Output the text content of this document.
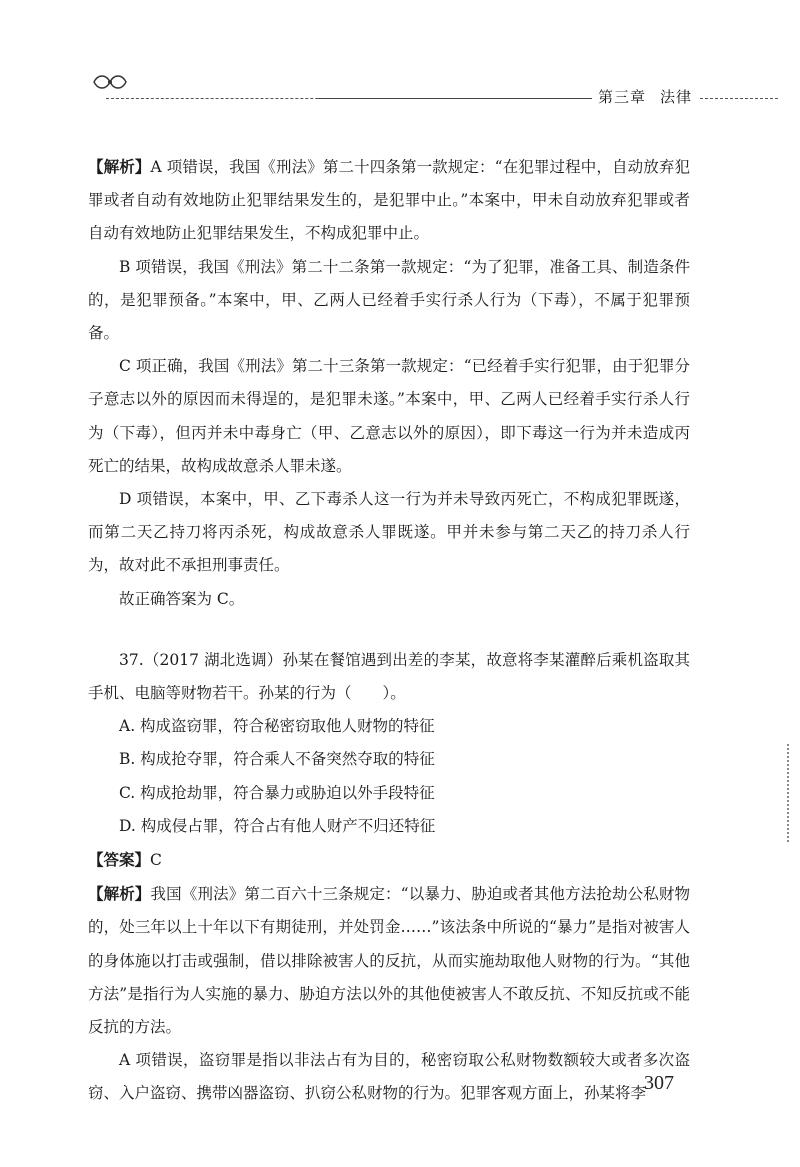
第三章 法律

【解析】A 项错误，我国《刑法》第二十四条第一款规定：“在犯罪过程中，自动放弃犯罪或者自动有效地防止犯罪结果发生的，是犯罪中止。”本案中，甲未自动放弃犯罪或者自动有效地防止犯罪结果发生，不构成犯罪中止。

B 项错误，我国《刑法》第二十二条第一款规定：“为了犯罪，准备工具、制造条件的，是犯罪预备。”本案中，甲、乙两人已经着手实行杀人行为（下毒），不属于犯罪预备。

C 项正确，我国《刑法》第二十三条第一款规定：“已经着手实行犯罪，由于犯罪分子意志以外的原因而未得逞的，是犯罪未遂。”本案中，甲、乙两人已经着手实行杀人行为（下毒），但丙并未中毒身亡（甲、乙意志以外的原因），即下毒这一行为并未造成丙死亡的结果，故构成故意杀人罪未遂。

D 项错误，本案中，甲、乙下毒杀人这一行为并未导致丙死亡，不构成犯罪既遂，而第二天乙持刀将丙杀死，构成故意杀人罪既遂。甲并未参与第二天乙的持刀杀人行为，故对此不承担刑事责任。

故正确答案为 C。

37.（2017 湖北选调）孙某在餐馆遇到出差的李某，故意将李某灌醉后乘机盗取其手机、电脑等财物若干。孙某的行为（　　）。

A. 构成盗窃罪，符合秘密窃取他人财物的特征

B. 构成抢夺罪，符合乘人不备突然夺取的特征

C. 构成抢劫罪，符合暴力或胁迫以外手段特征

D. 构成侵占罪，符合占有他人财产不归还特征

【答案】C

【解析】我国《刑法》第二百六十三条规定：“以暴力、胁迫或者其他方法抢劫公私财物的，处三年以上十年以下有期徒刑，并处罚金……”该法条中所说的“暴力”是指对被害人的身体施以打击或强制，借以排除被害人的反抗，从而实施劫取他人财物的行为。“其他方法”是指行为人实施的暴力、胁迫方法以外的其他使被害人不敢反抗、不知反抗或不能反抗的方法。

A 项错误，盗窃罪是指以非法占有为目的，秘密窃取公私财物数额较大或者多次盗窃、入户盗窃、携带凶器盗窃、扒窃公私财物的行为。犯罪客观方面上，孙某将李

307
